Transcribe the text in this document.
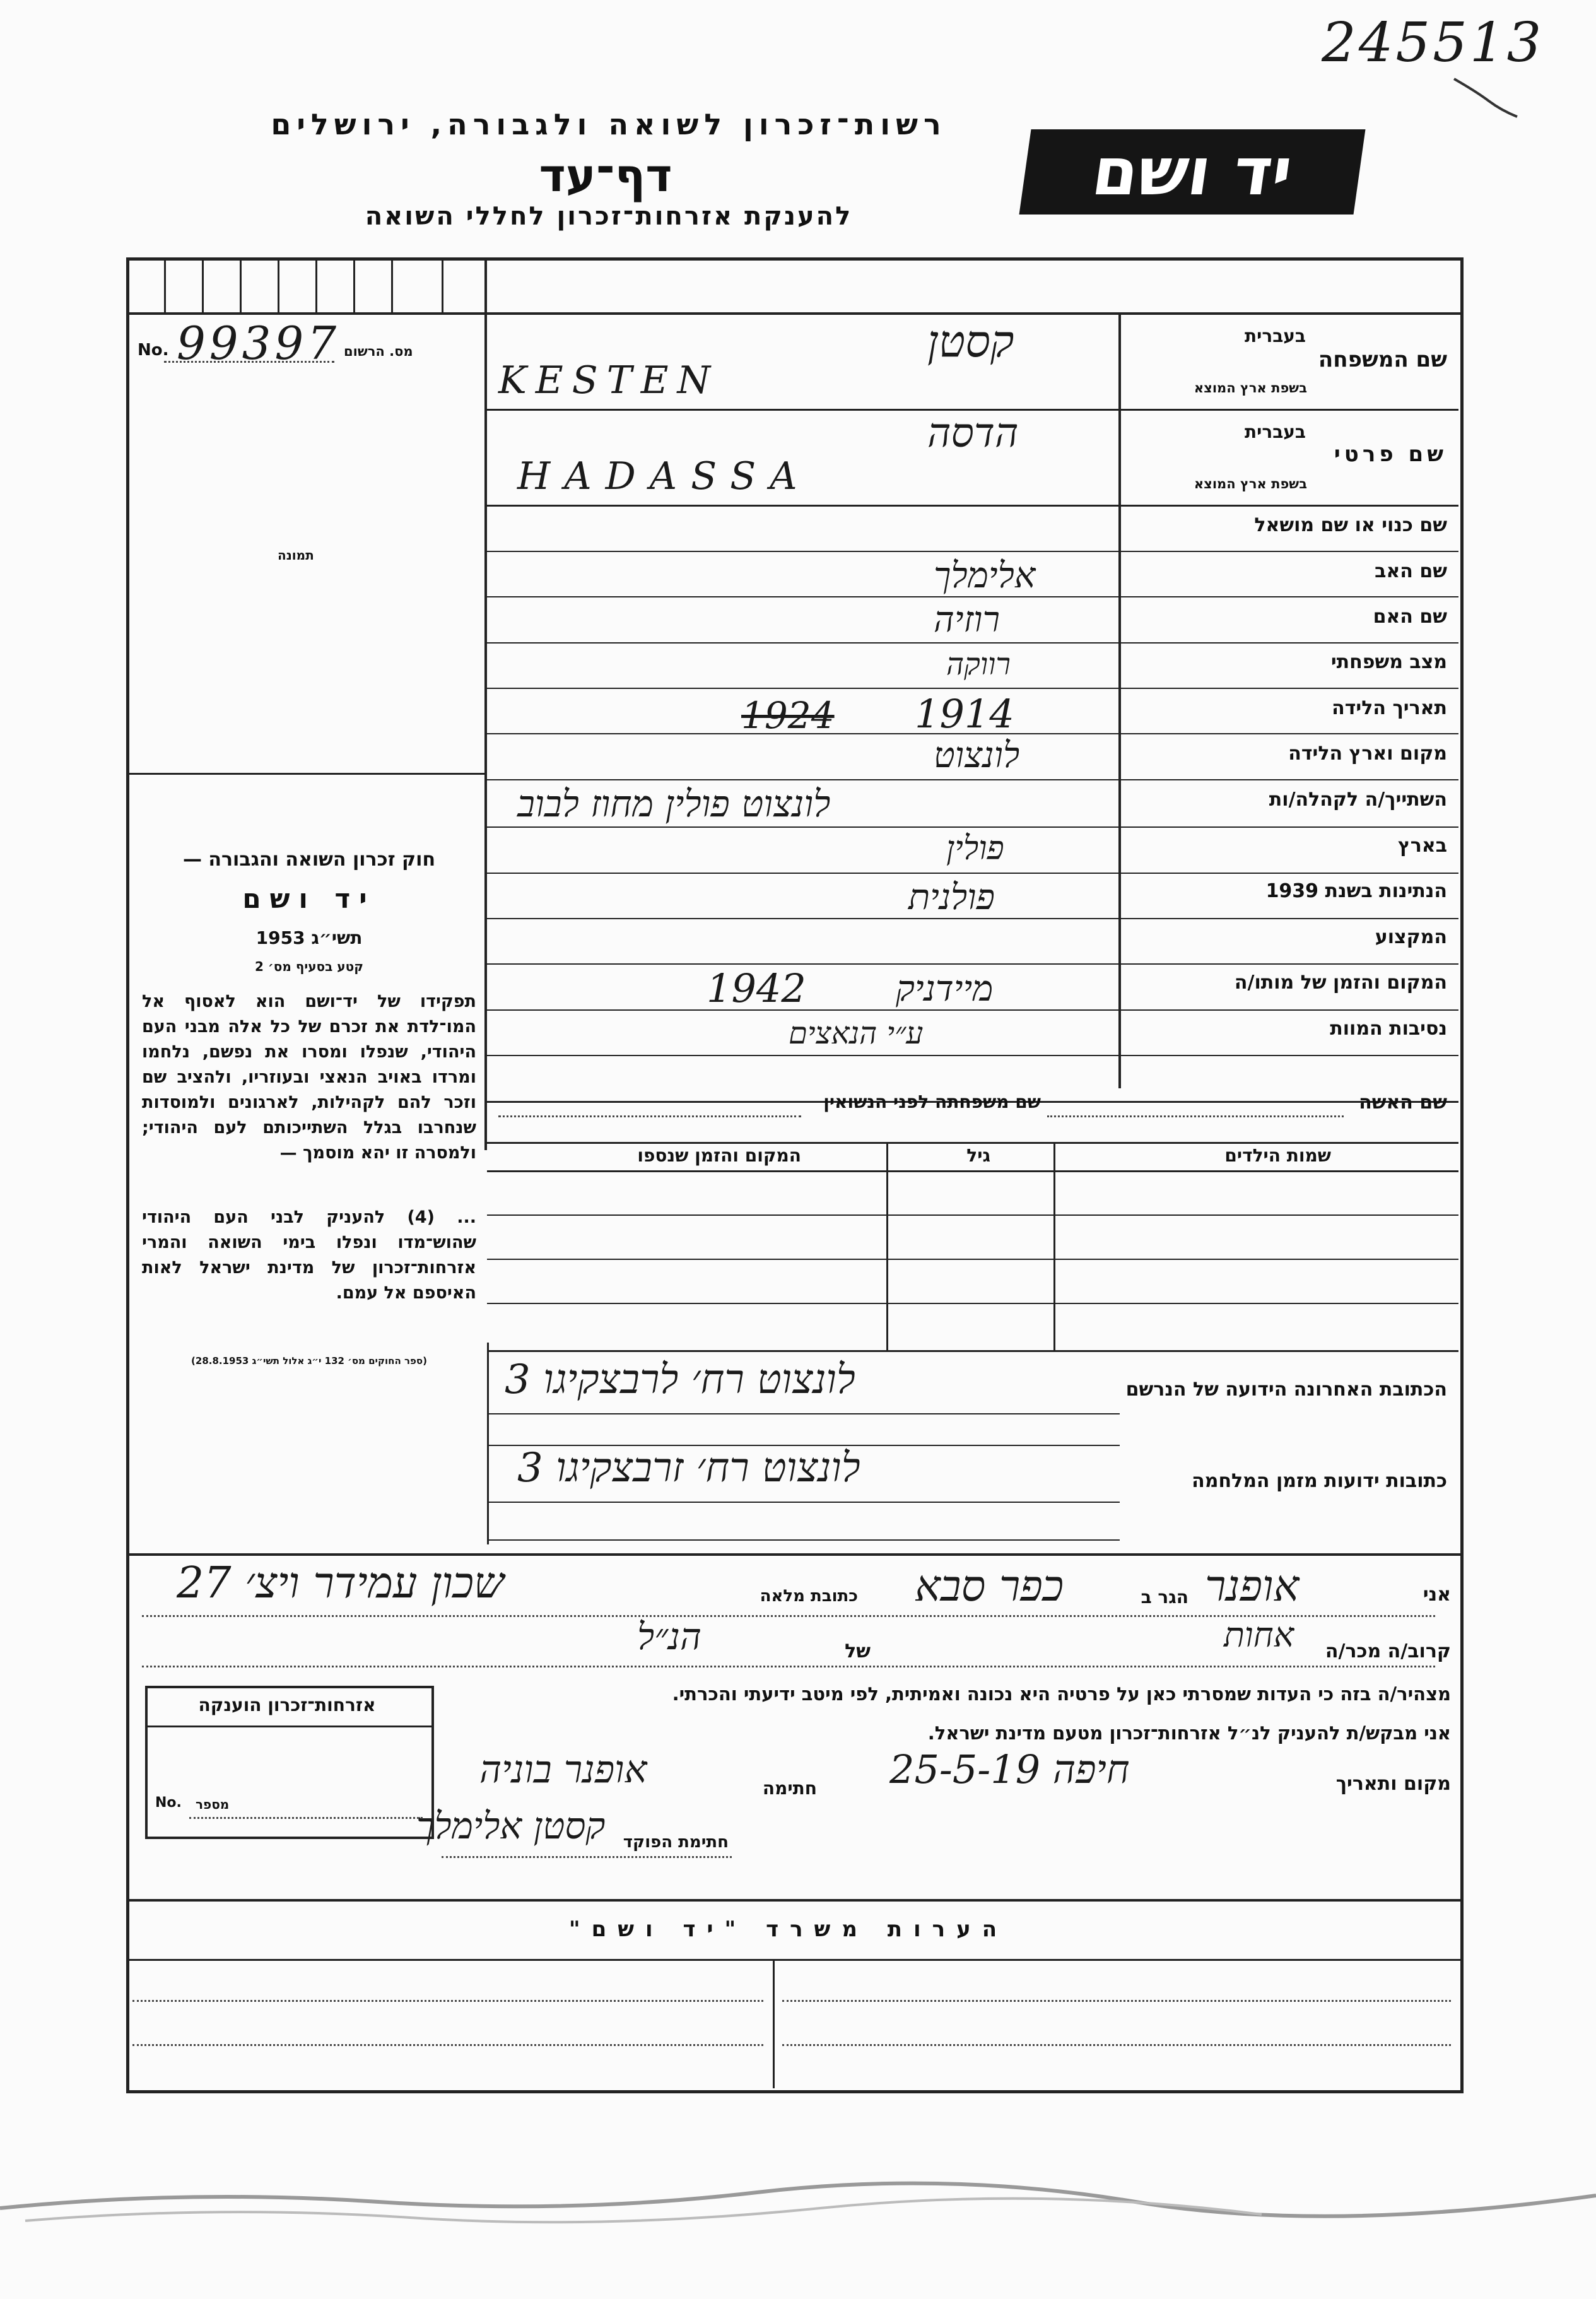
245513
רשות־זכרון לשואה ולגבורה, ירושלים
דף־עד
להענקת אזרחות־זכרון לחללי השואה
יד ושם
מס. הרשום
No. 99397
תמונה
בעברית
שם המשפחה
בשפת ארץ המוצא
בעברית
שם פרטי
בשפת ארץ המוצא
שם כנוי או שם מושאל
שם האב
שם האם
מצב משפחתי
תאריך הלידה
מקום וארץ הלידה
השתייך/ה לקהלה/ות
בארץ
הנתינות בשנת 1939
המקצוע
המקום והזמן של מותו/ה
נסיבות המוות
קסטן
KESTEN
הדסה
HADASSA
אלימלך
רוזיה
רווקה
1924 1914
לונצוט
לונצוט פולין מחוז לבוב
פולין
פולנית
1942	מיידניק
ע״י הנאצים
שם האשה
שם משפחתה לפני הנשואין
שמות הילדים
גיל
המקום והזמן שנספו
חוק זכרון השואה והגבורה —
יד ושם
תשי״ג 1953
קטע בסעיף מס׳ 2
תפקידו של יד־ושם הוא לאסוף אל המו־לדת את זכרם של כל אלה מבני העם היהודי, שנפלו ומסרו את נפשם, נלחמו ומרדו באויב הנאצי ובעוזריו, ולהציב שם וזכר להם לקהילות, לארגונים ולמוסדות שנחרבו בגלל השתייכותם לעם היהודי; ולמסרה זו יהא מוסמך —
... (4) להעניק לבני העם היהודי שהוש־מדו ונפלו בימי השואה והמרי אזרחות־זכרון של מדינת ישראל לאות האיספם אל עמם.
(ספר החוקים מס׳ 132 י״ג אלול תשי״ג 28.8.1953)
הכתובת האחרונה הידועה של הנרשם
לונצוט רח׳ לרבצקיגו 3
כתובות ידועות מזמן המלחמה
לונצוט רח׳ זרבצקיגו 3
אני
אופנר
הגר ב
כפר סבא
כתובת מלאה
שכון עמידר ויצ׳ 27
קרוב/ה מכר/ה
אחות
של
הנ״ל
מצהיר/ה בזה כי העדות שמסרתי כאן על פרטיה היא נכונה ואמיתית, לפי מיטב ידיעתי והכרתי.
אני מבקש/ת להעניק לנ״ל אזרחות־זכרון מטעם מדינת ישראל.
מקום ותאריך
חיפה 25-5-19
חתימה
אופנר בוניה
חתימת הפוקד
קסטן אלימלך
אזרחות־זכרון הוענקה
No. מספר
הערות משרד "יד ושם"
